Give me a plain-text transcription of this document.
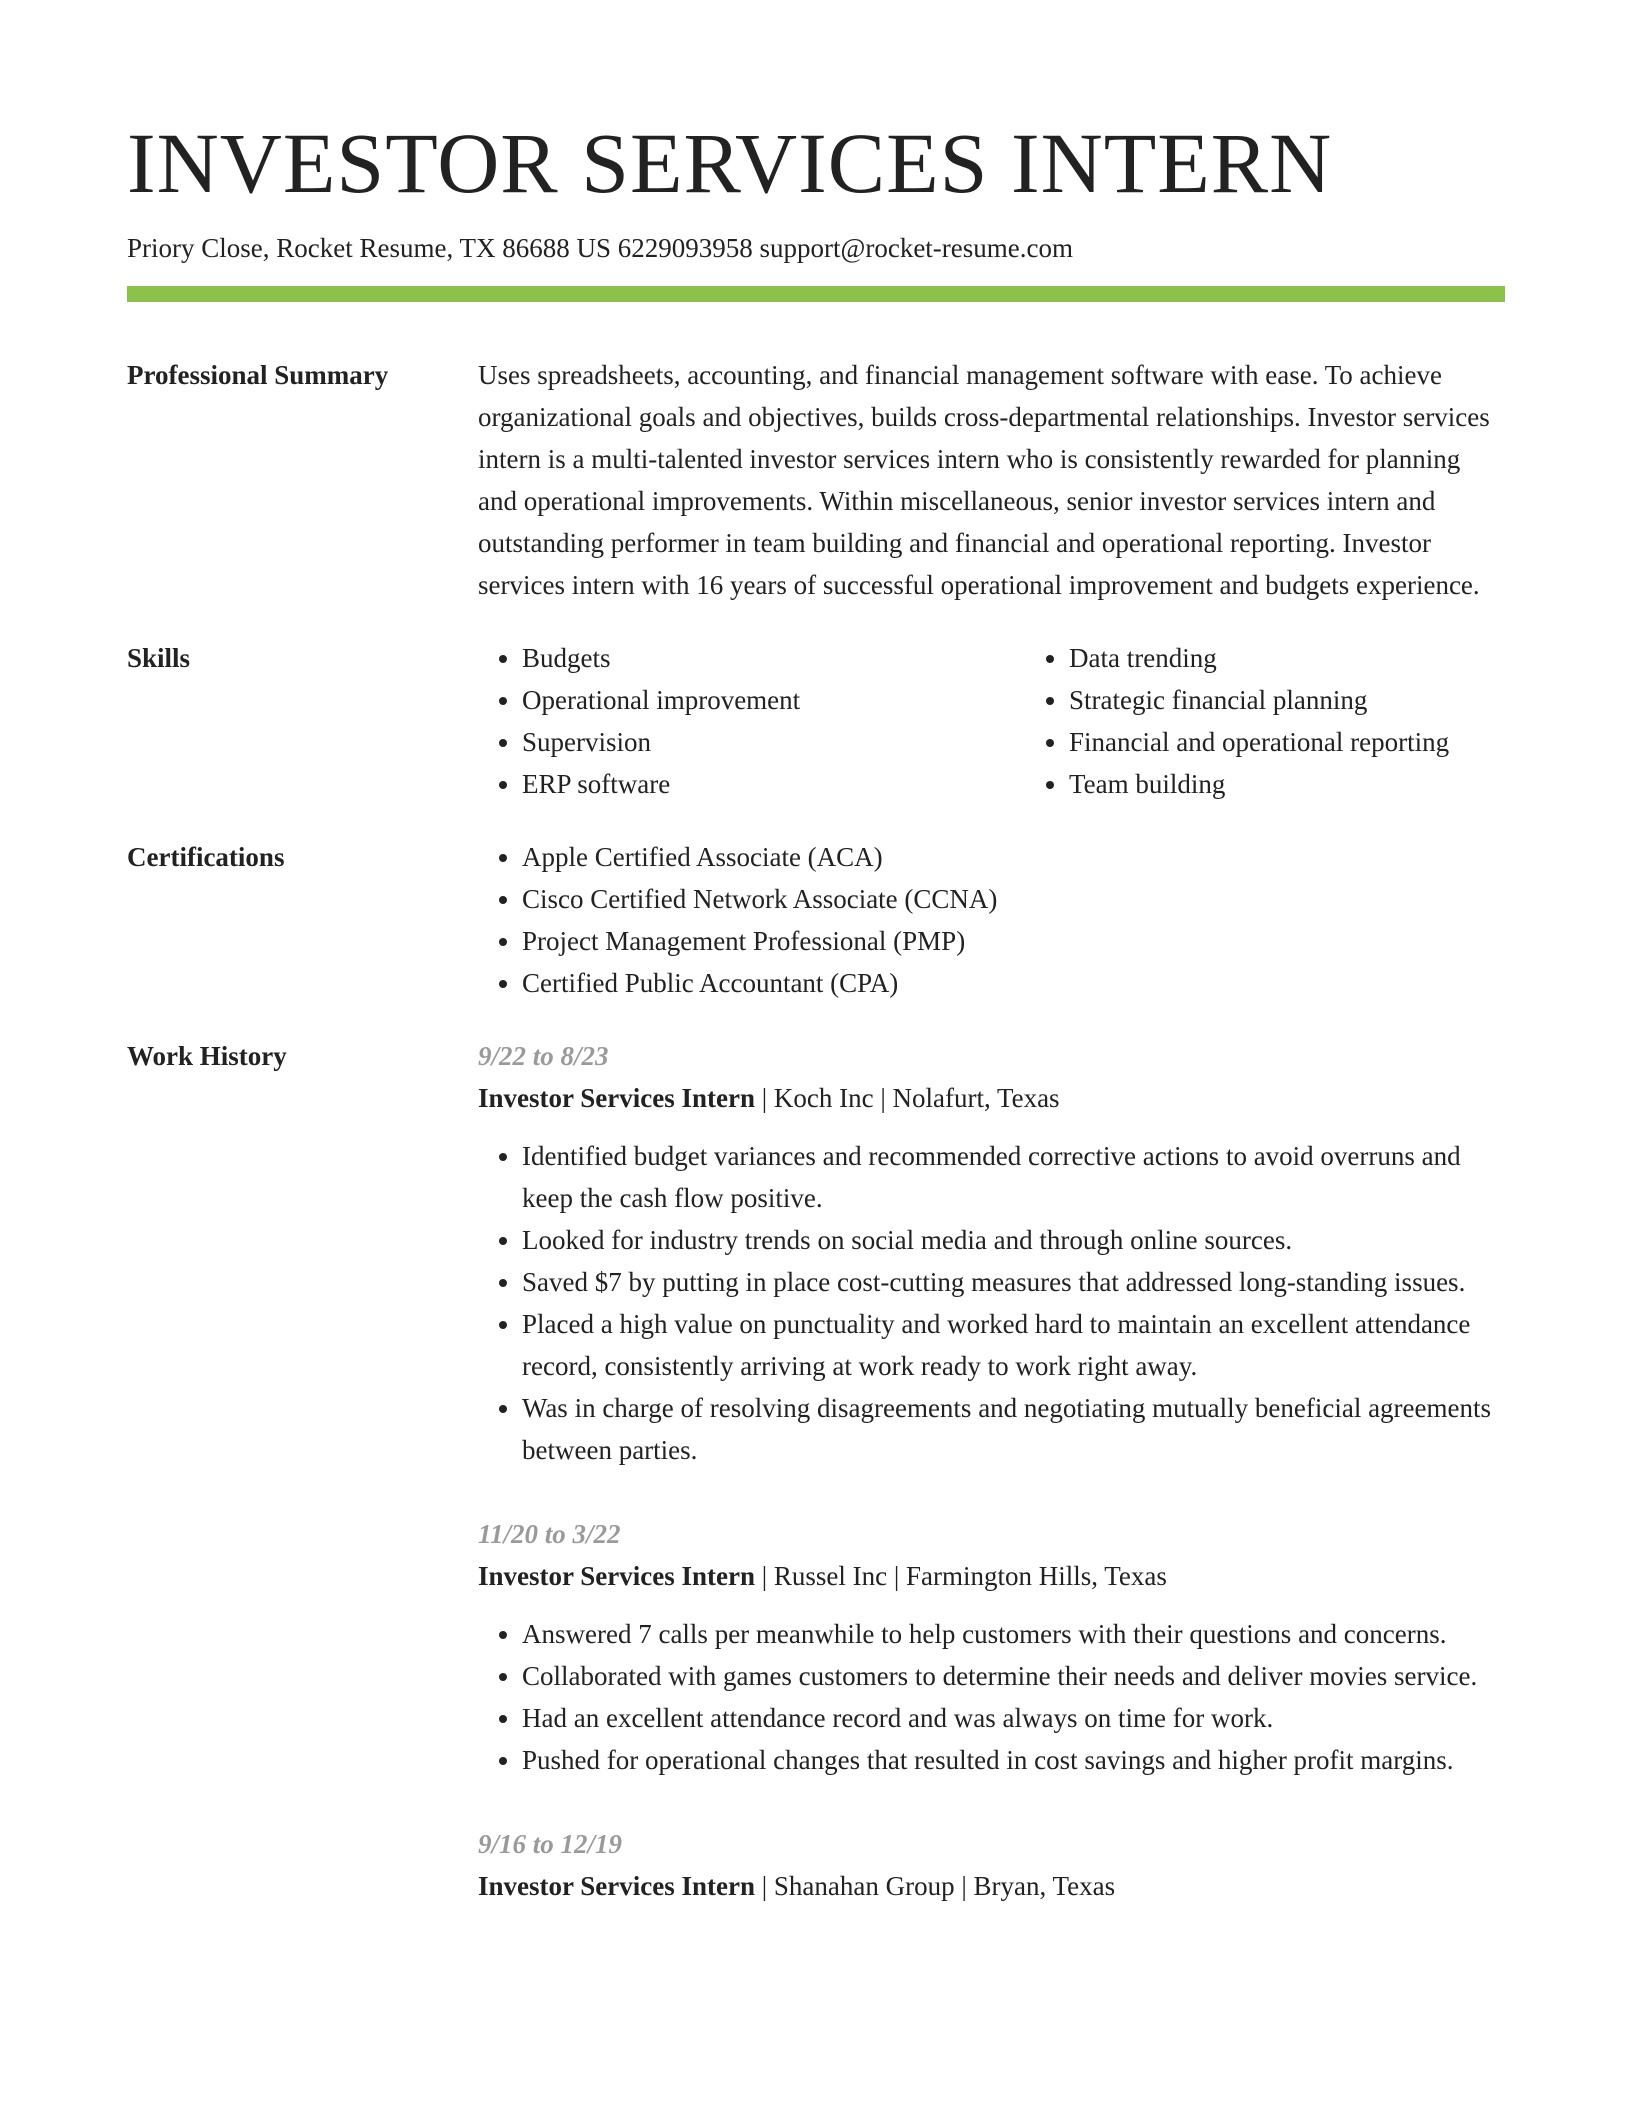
INVESTOR SERVICES INTERN
Priory Close, Rocket Resume, TX 86688 US 6229093958 support@rocket-resume.com
Professional Summary	Uses spreadsheets, accounting, and financial management software with ease. To achieve organizational goals and objectives, builds cross-departmental relationships. Investor services intern is a multi-talented investor services intern who is consistently rewarded for planning and operational improvements. Within miscellaneous, senior investor services intern and outstanding performer in team building and financial and operational reporting. Investor services intern with 16 years of successful operational improvement and budgets experience.

Skills	• Budgets
• Operational improvement
• Supervision
• ERP software
• Data trending
• Strategic financial planning
• Financial and operational reporting
• Team building
Certifications	• Apple Certified Associate (ACA)
• Cisco Certified Network Associate (CCNA)
• Project Management Professional (PMP)
• Certified Public Accountant (CPA)
Work History	9/22 to 8/23
Investor Services Intern | Koch Inc | Nolafurt, Texas
• Identified budget variances and recommended corrective actions to avoid overruns and keep the cash flow positive.
• Looked for industry trends on social media and through online sources.
• Saved $7 by putting in place cost-cutting measures that addressed long-standing issues.
• Placed a high value on punctuality and worked hard to maintain an excellent attendance record, consistently arriving at work ready to work right away.
• Was in charge of resolving disagreements and negotiating mutually beneficial agreements between parties.
11/20 to 3/22
Investor Services Intern | Russel Inc | Farmington Hills, Texas
• Answered 7 calls per meanwhile to help customers with their questions and concerns.
• Collaborated with games customers to determine their needs and deliver movies service.
• Had an excellent attendance record and was always on time for work.
• Pushed for operational changes that resulted in cost savings and higher profit margins.
9/16 to 12/19
Investor Services Intern | Shanahan Group | Bryan, Texas
